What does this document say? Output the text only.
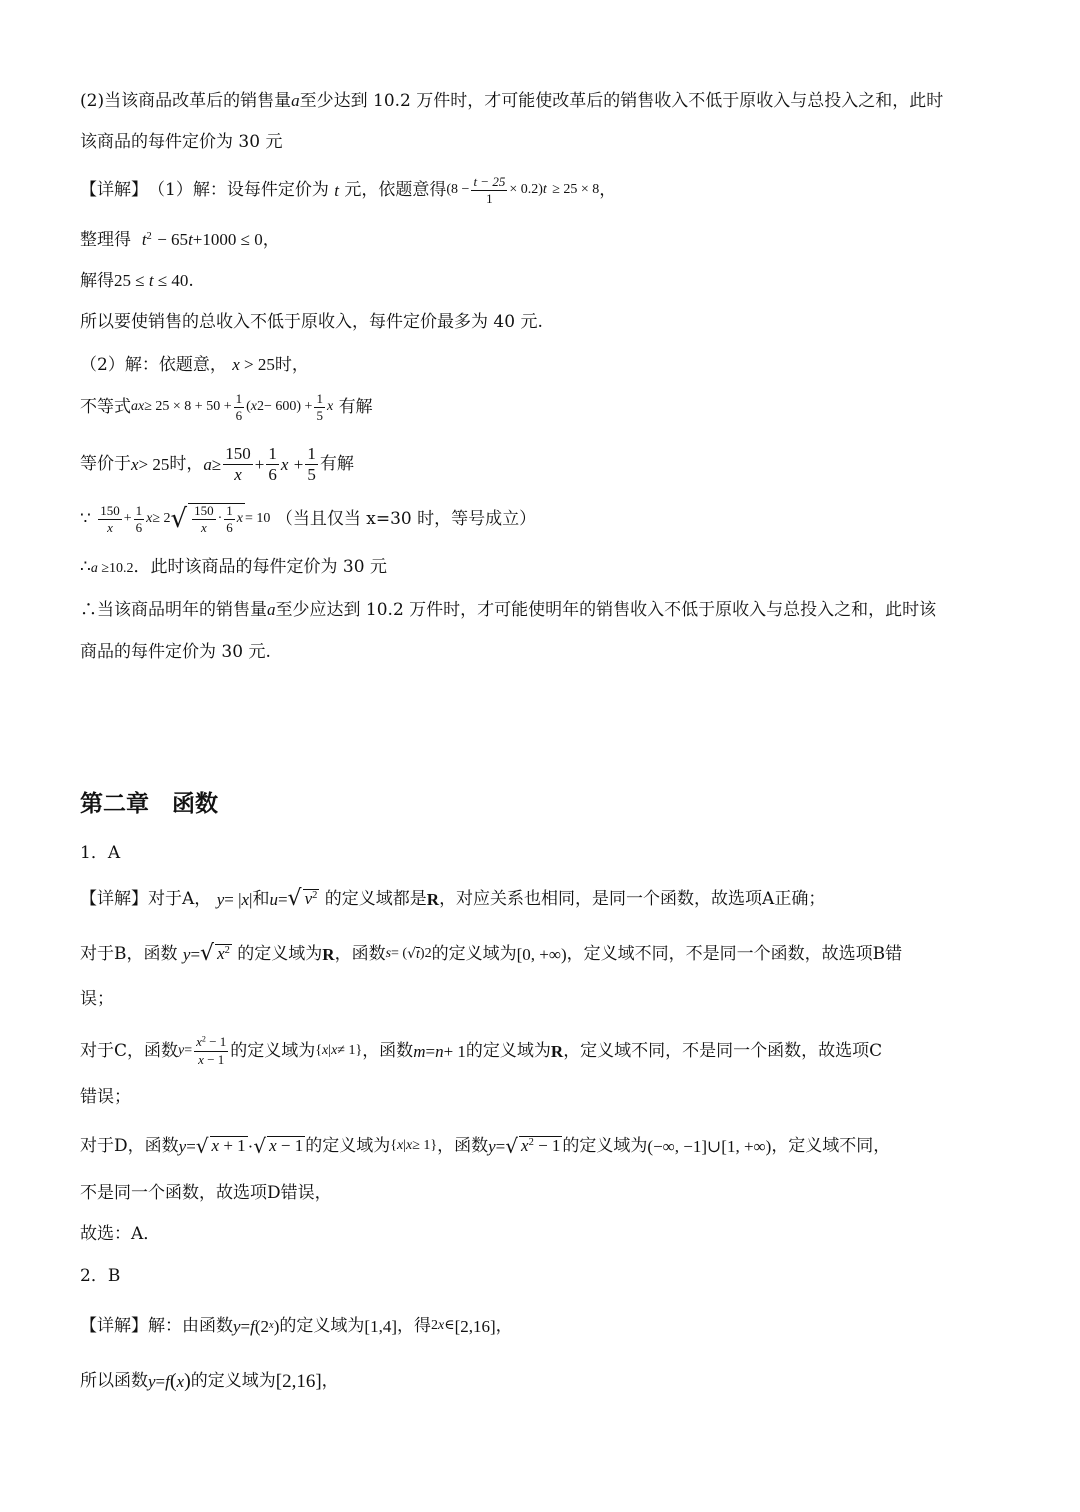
(2)当该商品改革后的销售量a至少达到 10.2 万件时，才可能使改革后的销售收入不低于原收入与总投入之和，此时
该商品的每件定价为 30 元
【详解】 （1）解：设每件定价为
t
元，依题意得 $(8 - \frac{t - 25}{1} \times 0.2)$ t
≥ 25 × 8 ，
整理得 $t^2 - 65t+1000 \le 0$，
解得25 ≤ t ≤ 40.
所以要使销售的总收入不低于原收入，每件定价最多为 40 元.
（2）解：依题意， x > 25时，
不等式 ax ≥ $25 \times 8 + 50 + \frac{1}{6}$ ( x $2 - 600) + \frac{1}{5}$ x
有解
等价于 x > 25 时， $a \ge \frac{150}{x} + \frac{1}{6}$ x
+ $\frac{1}{5}$ 有解
∵
$\frac{150}{x} + \frac{1}{6}$ x ≥ 2 √ $\frac{150}{x} \cdot \frac{1}{6}$ x = 10
（当且仅当 x=30 时，等号成立）
∴a ≥10.2．此时该商品的每件定价为 30 元
∴当该商品明年的销售量a至少应达到 10.2 万件时，才可能使明年的销售收入不低于原收入与总投入之和，此时该
商品的每件定价为 30 元.
第二章　函数
1．A
【详解】 对于A，
y = | x | 和 u = √ $v^2$
的定义域都是 R ，对应关系也相同，是同一个函数，故选项A正确；
对于B，函数
y = √ $x^2$
的定义域为 R ，函数 s = ( √ t ) 2 的定义域为 [0, +∞) ，定义域不同，不是同一个函数，故选项B错
误；
对于C，函数 $y = \frac{x^2 - 1}{x - 1}$ 的定义域为 { x | x ≠ 1} ，函数 m = n + 1 的定义域为 R ，定义域不同，不是同一个函数，故选项C
错误；
对于D，函数 y = √ x + 1 · √ x − 1 的定义域为 { x | x ≥ 1} ，函数 y = √ $x^2 - 1$ 的定义域为 (−∞, −1]∪[1, +∞) ，定义域不同，
不是同一个函数，故选项D错误，
故选：A．
2．B
【详解】 解：由函数 y = f (2 x ) 的定义域为 [1,4] ，得 2 x ∈ [2,16] ，
所以函数 y = f ( x ) 的定义域为 [2,16] ，
